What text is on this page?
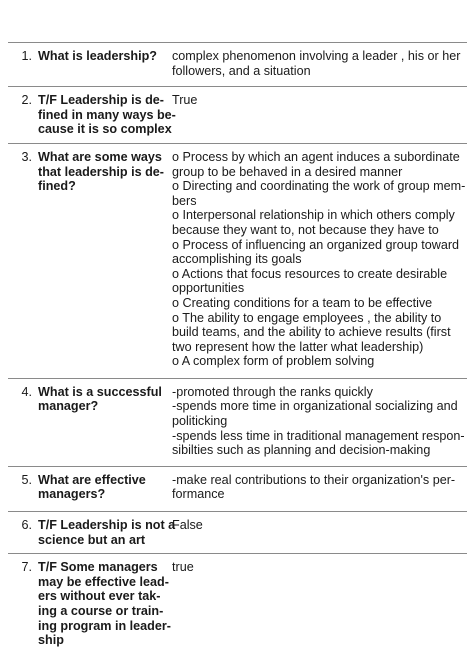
1. What is leadership?	complex phenomenon involving a leader , his or her
followers, and a situation
2. T/F Leadership is de-
fined in many ways be-
cause it is so complex
True
3. What are some ways
that leadership is de-
fined?
o Process by which an agent induces a subordinate
group to be behaved in a desired manner
o Directing and coordinating the work of group mem-
bers
o Interpersonal relationship in which others comply
because they want to, not because they have to
o Process of influencing an organized group toward
accomplishing its goals
o Actions that focus resources to create desirable
opportunities
o Creating conditions for a team to be effective
o The ability to engage employees , the ability to
build teams, and the ability to achieve results (first
two represent how the latter what leadership)
o A complex form of problem solving
4. What is a successful
manager?
-promoted through the ranks quickly
-spends more time in organizational socializing and
politicking
-spends less time in traditional management respon-
sibilties such as planning and decision-making
5. What are effective
managers?
-make real contributions to their organization's per-
formance
6. T/F Leadership is not a
science but an art
False
7. T/F Some managers
may be effective lead-
ers without ever tak-
ing a course or train-
ing program in leader-
ship
true
